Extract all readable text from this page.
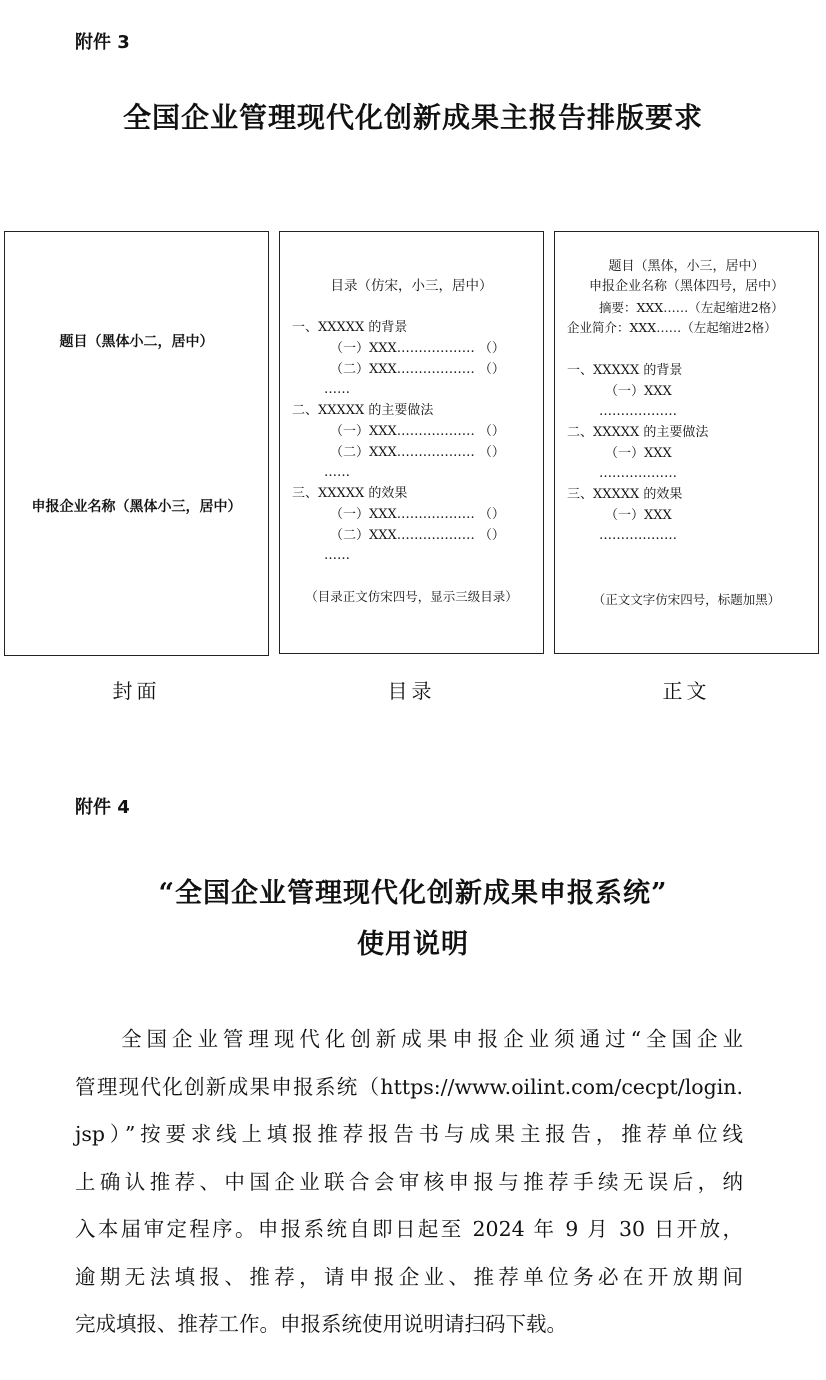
附件 3
全国企业管理现代化创新成果主报告排版要求
题目（黑体小二，居中）
申报企业名称（黑体小三，居中）
目录（仿宋，小三，居中）
一、XXXXX 的背景
（一）XXX……………… （）
（二）XXX……………… （）
……
二、XXXXX 的主要做法
（一）XXX……………… （）
（二）XXX……………… （）
……
三、XXXXX 的效果
（一）XXX……………… （）
（二）XXX……………… （）
……
（目录正文仿宋四号，显示三级目录）
题目（黑体，小三，居中）
申报企业名称（黑体四号，居中）
摘要：XXX……（左起缩进2格）
企业简介：XXX……（左起缩进2格）
一、XXXXX 的背景
（一）XXX
………………
二、XXXXX 的主要做法
（一）XXX
………………
三、XXXXX 的效果
（一）XXX
………………
（正文文字仿宋四号，标题加黑）
封面	目录	正文
附件 4
“全国企业管理现代化创新成果申报系统”
使用说明
全国企业管理现代化创新成果申报企业须通过“全国企业
管理现代化创新成果申报系统（https://www.oilint.com/cecpt/login.
jsp）”按要求线上填报推荐报告书与成果主报告，推荐单位线
上确认推荐、中国企业联合会审核申报与推荐手续无误后，纳
入本届审定程序。申报系统自即日起至 2024 年 9 月 30 日开放，
逾期无法填报、推荐，请申报企业、推荐单位务必在开放期间
完成填报、推荐工作。申报系统使用说明请扫码下载。
